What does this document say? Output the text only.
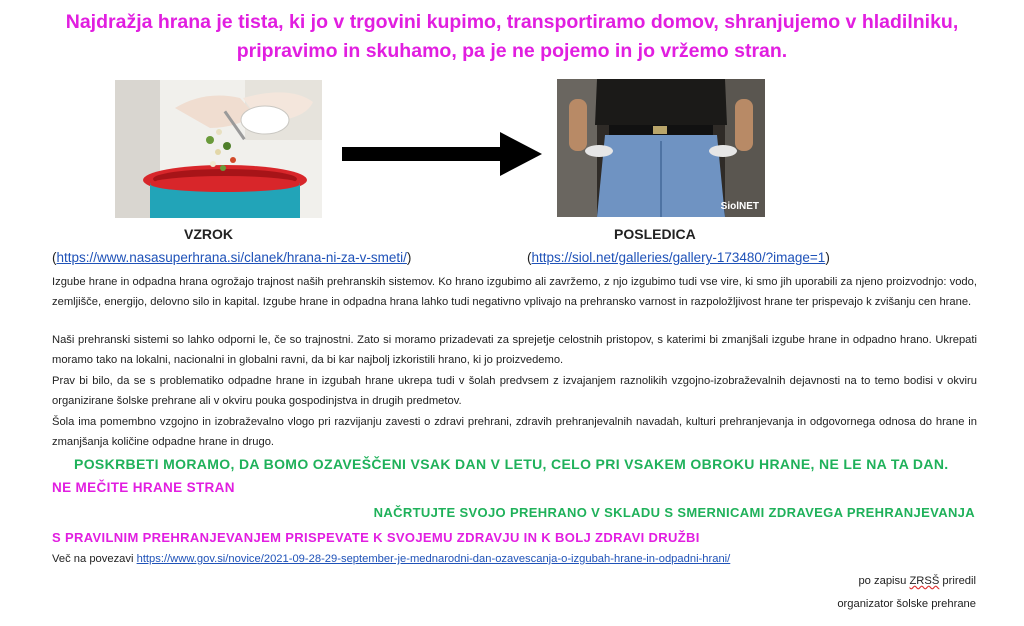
Najdražja hrana je tista, ki jo v trgovini kupimo, transportiramo domov, shranjujemo v hladilniku, pripravimo in skuhamo, pa je ne pojemo in jo vržemo stran.
SiolNET
VZROK	POSLEDICA
(https://www.nasasuperhrana.si/clanek/hrana-ni-za-v-smeti/)	(https://siol.net/galleries/gallery-173480/?image=1)

Izgube hrane in odpadna hrana ogrožajo trajnost naših prehranskih sistemov. Ko hrano izgubimo ali zavržemo, z njo izgubimo tudi vse vire, ki smo jih uporabili za njeno proizvodnjo: vodo, zemljišče, energijo, delovno silo in kapital. Izgube hrane in odpadna hrana lahko tudi negativno vplivajo na prehransko varnost in razpoložljivost hrane ter prispevajo k zvišanju cen hrane.

Naši prehranski sistemi so lahko odporni le, če so trajnostni. Zato si moramo prizadevati za sprejetje celostnih pristopov, s katerimi bi zmanjšali izgube hrane in odpadno hrano. Ukrepati moramo tako na lokalni, nacionalni in globalni ravni, da bi kar najbolj izkoristili hrano, ki jo proizvedemo.

Prav bi bilo, da se s problematiko odpadne hrane in izgubah hrane ukrepa tudi v šolah predvsem z izvajanjem raznolikih vzgojno-izobraževalnih dejavnosti na to temo bodisi v okviru organizirane šolske prehrane ali v okviru pouka gospodinjstva in drugih predmetov.

Šola ima pomembno vzgojno in izobraževalno vlogo pri razvijanju zavesti o zdravi prehrani, zdravih prehranjevalnih navadah, kulturi prehranjevanja in odgovornega odnosa do hrane in zmanjšanja količine odpadne hrane in drugo.

POSKRBETI MORAMO, DA BOMO OZAVEŠČENI VSAK DAN V LETU, CELO PRI VSAKEM OBROKU HRANE, NE LE NA TA DAN.
NE MEČITE HRANE STRAN
NAČRTUJTE SVOJO PREHRANO V SKLADU S SMERNICAMI ZDRAVEGA PREHRANJEVANJA
S PRAVILNIM PREHRANJEVANJEM PRISPEVATE K SVOJEMU ZDRAVJU IN K BOLJ ZDRAVI DRUŽBI
Več na povezavi https://www.gov.si/novice/2021-09-28-29-september-je-mednarodni-dan-ozavescanja-o-izgubah-hrane-in-odpadni-hrani/
po zapisu ZRSŠ priredil
organizator šolske prehrane
